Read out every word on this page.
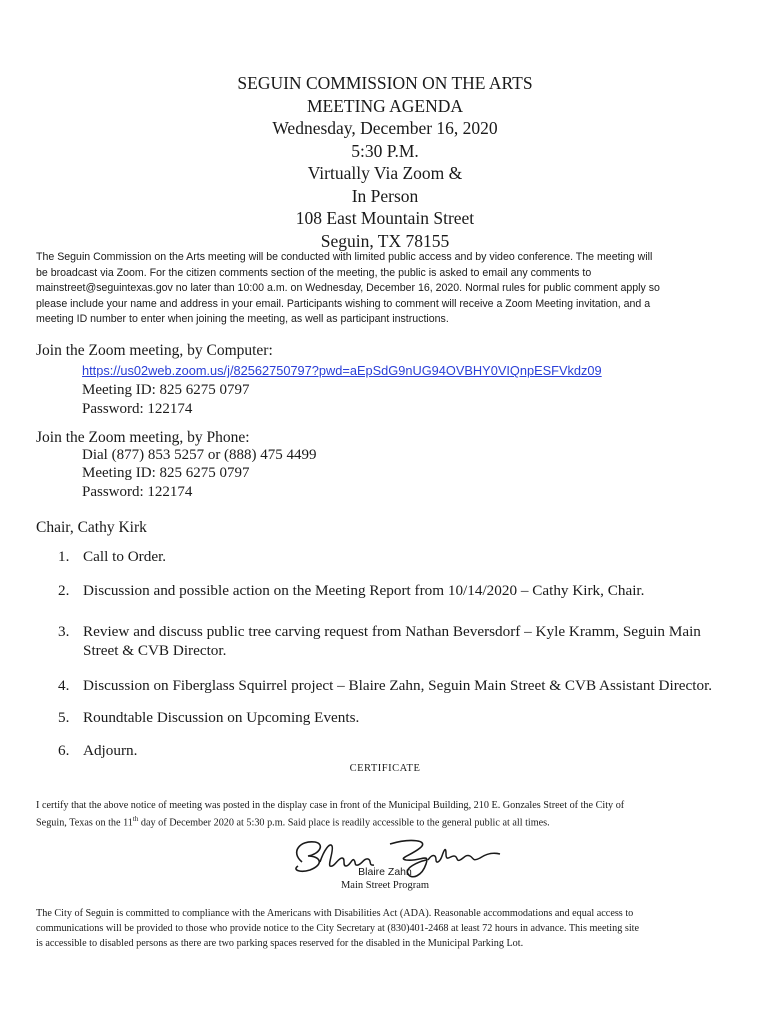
SEGUIN COMMISSION ON THE ARTS
MEETING AGENDA
Wednesday, December 16, 2020
5:30 P.M.
Virtually Via Zoom &
In Person
108 East Mountain Street
Seguin, TX 78155
The Seguin Commission on the Arts meeting will be conducted with limited public access and by video conference. The meeting will
be broadcast via Zoom. For the citizen comments section of the meeting, the public is asked to email any comments to
mainstreet@seguintexas.gov no later than 10:00 a.m. on Wednesday, December 16, 2020. Normal rules for public comment apply so
please include your name and address in your email. Participants wishing to comment will receive a Zoom Meeting invitation, and a
meeting ID number to enter when joining the meeting, as well as participant instructions.
Join the Zoom meeting, by Computer:
https://us02web.zoom.us/j/82562750797?pwd=aEpSdG9nUG94OVBHY0VIQnpESFVkdz09
Meeting ID: 825 6275 0797
Password: 122174
Join the Zoom meeting, by Phone:
Dial (877) 853 5257 or (888) 475 4499
Meeting ID: 825 6275 0797
Password: 122174
Chair, Cathy Kirk
1. Call to Order.
2. Discussion and possible action on the Meeting Report from 10/14/2020 – Cathy Kirk, Chair.
3. Review and discuss public tree carving request from Nathan Beversdorf – Kyle Kramm, Seguin Main
Street & CVB Director.
4. Discussion on Fiberglass Squirrel project – Blaire Zahn, Seguin Main Street & CVB Assistant Director.
5. Roundtable Discussion on Upcoming Events.
6. Adjourn.
CERTIFICATE
I certify that the above notice of meeting was posted in the display case in front of the Municipal Building, 210 E. Gonzales Street of the City of
Seguin, Texas on the 11th day of December 2020 at 5:30 p.m. Said place is readily accessible to the general public at all times.
Blaire Zahn
Main Street Program
The City of Seguin is committed to compliance with the Americans with Disabilities Act (ADA). Reasonable accommodations and equal access to
communications will be provided to those who provide notice to the City Secretary at (830)401-2468 at least 72 hours in advance. This meeting site
is accessible to disabled persons as there are two parking spaces reserved for the disabled in the Municipal Parking Lot.
